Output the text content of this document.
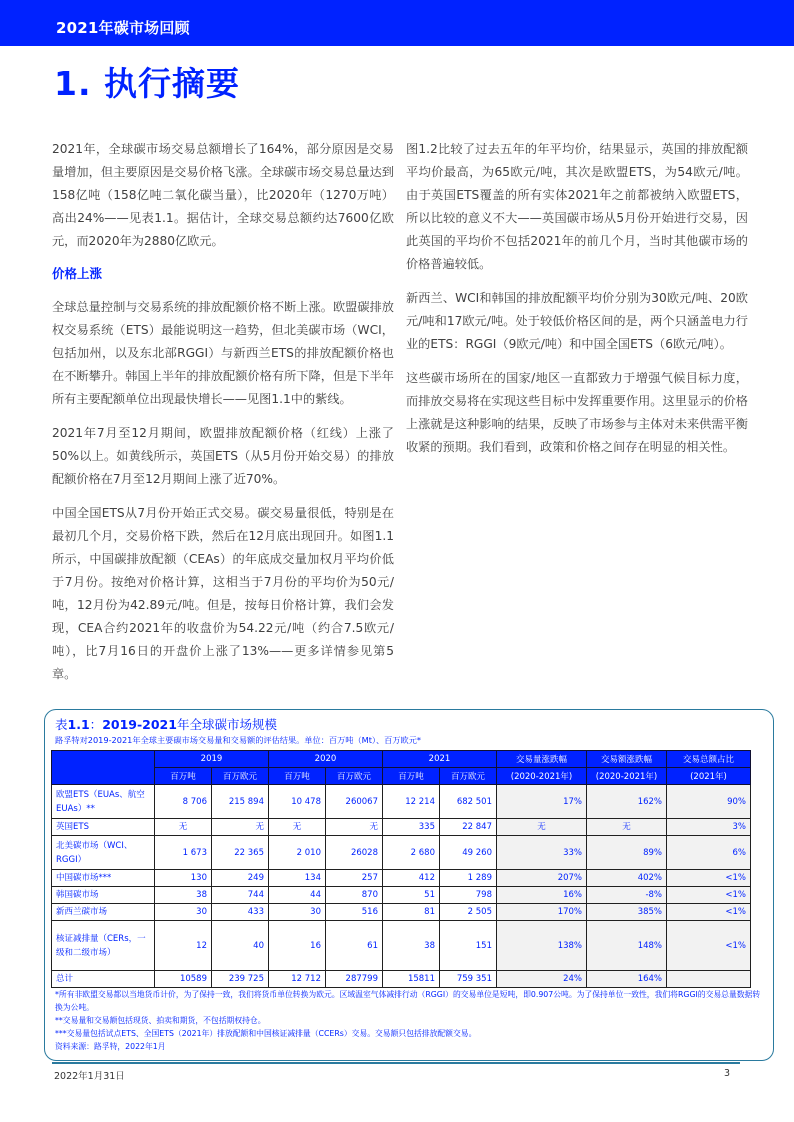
2021年碳市场回顾
1. 执行摘要

2021年，全球碳市场交易总额增长了164%，部分原因是交易量增加，但主要原因是交易价格飞涨。全球碳市场交易总量达到 158亿吨（158亿吨二氧化碳当量），比2020年（1270万吨）高出24%——见表1.1。据估计，全球交易总额约达7600亿欧元，而2020年为2880亿欧元。

价格上涨

全球总量控制与交易系统的排放配额价格不断上涨。欧盟碳排放权交易系统（ETS）最能说明这一趋势，但北美碳市场（WCI，包括加州，以及东北部RGGI）与新西兰ETS的排放配额价格也在不断攀升。韩国上半年的排放配额价格有所下降，但是下半年所有主要配额单位出现最快增长——见图1.1中的紫线。

2021年7月至12月期间，欧盟排放配额价格（红线）上涨了50%以上。如黄线所示，英国ETS（从5月份开始交易）的排放配额价格在7月至12月期间上涨了近70%。

中国全国ETS从7月份开始正式交易。碳交易量很低，特别是在最初几个月，交易价格下跌，然后在12月底出现回升。如图1.1所示，中国碳排放配额（CEAs）的年底成交量加权月平均价低于7月份。按绝对价格计算，这相当于7月份的平均价为50元/吨，12月份为42.89元/吨。但是，按每日价格计算，我们会发现，CEA合约2021年的收盘价为54.22元/吨（约合7.5欧元/吨），比7月16日的开盘价上涨了13%——更多详情参见第5章。

图1.2比较了过去五年的年平均价，结果显示，英国的排放配额平均价最高，为65欧元/吨，其次是欧盟ETS，为54欧元/吨。由于英国ETS覆盖的所有实体2021年之前都被纳入欧盟ETS，所以比较的意义不大——英国碳市场从5月份开始进行交易，因此英国的平均价不包括2021年的前几个月，当时其他碳市场的价格普遍较低。

新西兰、WCI和韩国的排放配额平均价分别为30欧元/吨、20欧元/吨和17欧元/吨。处于较低价格区间的是，两个只涵盖电力行业的ETS：RGGI（9欧元/吨）和中国全国ETS（6欧元/吨）。

这些碳市场所在的国家/地区一直都致力于增强气候目标力度，而排放交易将在实现这些目标中发挥重要作用。这里显示的价格上涨就是这种影响的结果，反映了市场参与主体对未来供需平衡收紧的预期。我们看到，政策和价格之间存在明显的相关性。

表1.1：2019-2021年全球碳市场规模
路孚特对2019-2021年全球主要碳市场交易量和交易额的评估结果。单位：百万吨（Mt）、百万欧元*
	2019		2020		2021		交易量涨跌幅	交易额涨跌幅	交易总额占比
	百万吨	百万欧元	百万吨	百万欧元	百万吨	百万欧元	(2020-2021年)	(2020-2021年)	(2021年)
欧盟ETS（EUAs、航空EUAs）**	8 706	215 894	10 478	260067	12 214	682 501	17%	162%	90%
英国ETS	无	无	无	无	335	22 847	无	无	3%
北美碳市场（WCI、RGGI）	1 673	22 365	2 010	26028	2 680	49 260	33%	89%	6%
中国碳市场***	130	249	134	257	412	1 289	207%	402%	<1%
韩国碳市场	38	744	44	870	51	798	16%	-8%	<1%
新西兰碳市场	30	433	30	516	81	2 505	170%	385%	<1%
核证减排量（CERs，一级和二级市场）	12	40	16	61	38	151	138%	148%	<1%
总计	10589	239 725	12 712	287799	15811	759 351	24%	164%	
*所有非欧盟交易都以当地货币计价，为了保持一致，我们将货币单位转换为欧元。区域温室气体减排行动（RGGI）的交易单位是短吨，即0.907公吨。为了保持单位一致性，我们将RGGI的交易总量数据转换为公吨。
**交易量和交易额包括现货、拍卖和期货，不包括期权持仓。
***交易量包括试点ETS、全国ETS（2021年）排放配额和中国核证减排量（CCERs）交易。交易额只包括排放配额交易。
资料来源：路孚特，2022年1月
2022年1月31日	3
